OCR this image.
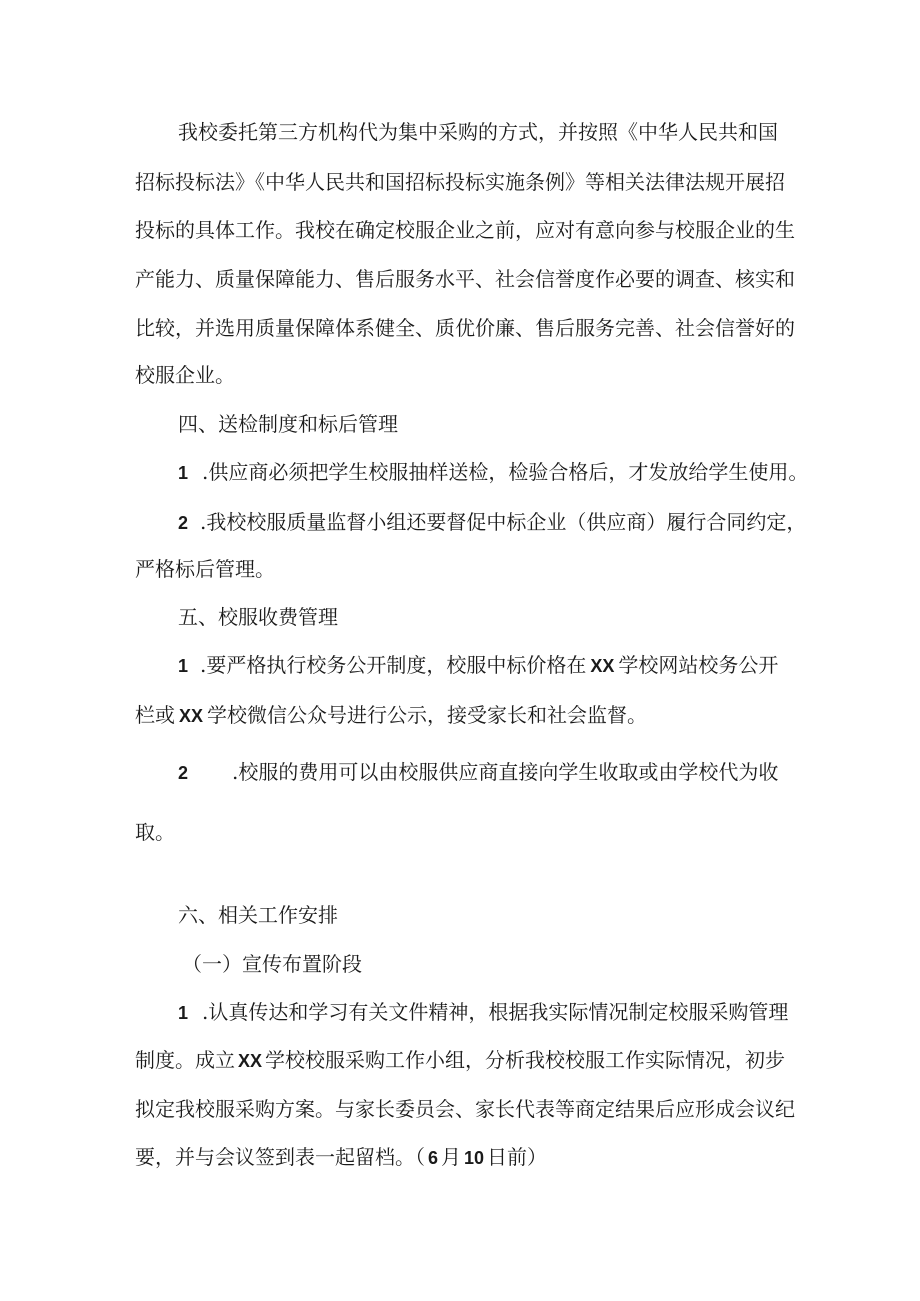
我校委托第三方机构代为集中采购的方式，并按照《中华人民共和国
招标投标法》《中华人民共和国招标投标实施条例》等相关法律法规开展招
投标的具体工作。我校在确定校服企业之前，应对有意向参与校服企业的生
产能力、质量保障能力、售后服务水平、社会信誉度作必要的调查、核实和
比较，并选用质量保障体系健全、质优价廉、售后服务完善、社会信誉好的
校服企业。
四、送检制度和标后管理
1 .供应商必须把学生校服抽样送检，检验合格后，才发放给学生使用。
2 .我校校服质量监督小组还要督促中标企业（供应商）履行合同约定，
严格标后管理。
五、校服收费管理
1 .要严格执行校务公开制度，校服中标价格在 XX 学校网站校务公开
栏或 XX 学校微信公众号进行公示，接受家长和社会监督。
2 .校服的费用可以由校服供应商直接向学生收取或由学校代为收
取。
六、相关工作安排
（一）宣传布置阶段
1 .认真传达和学习有关文件精神，根据我实际情况制定校服采购管理
制度。成立 XX 学校校服采购工作小组，分析我校校服工作实际情况，初步
拟定我校服采购方案。与家长委员会、家长代表等商定结果后应形成会议纪
要，并与会议签到表一起留档。（ 6 月 10 日前）
